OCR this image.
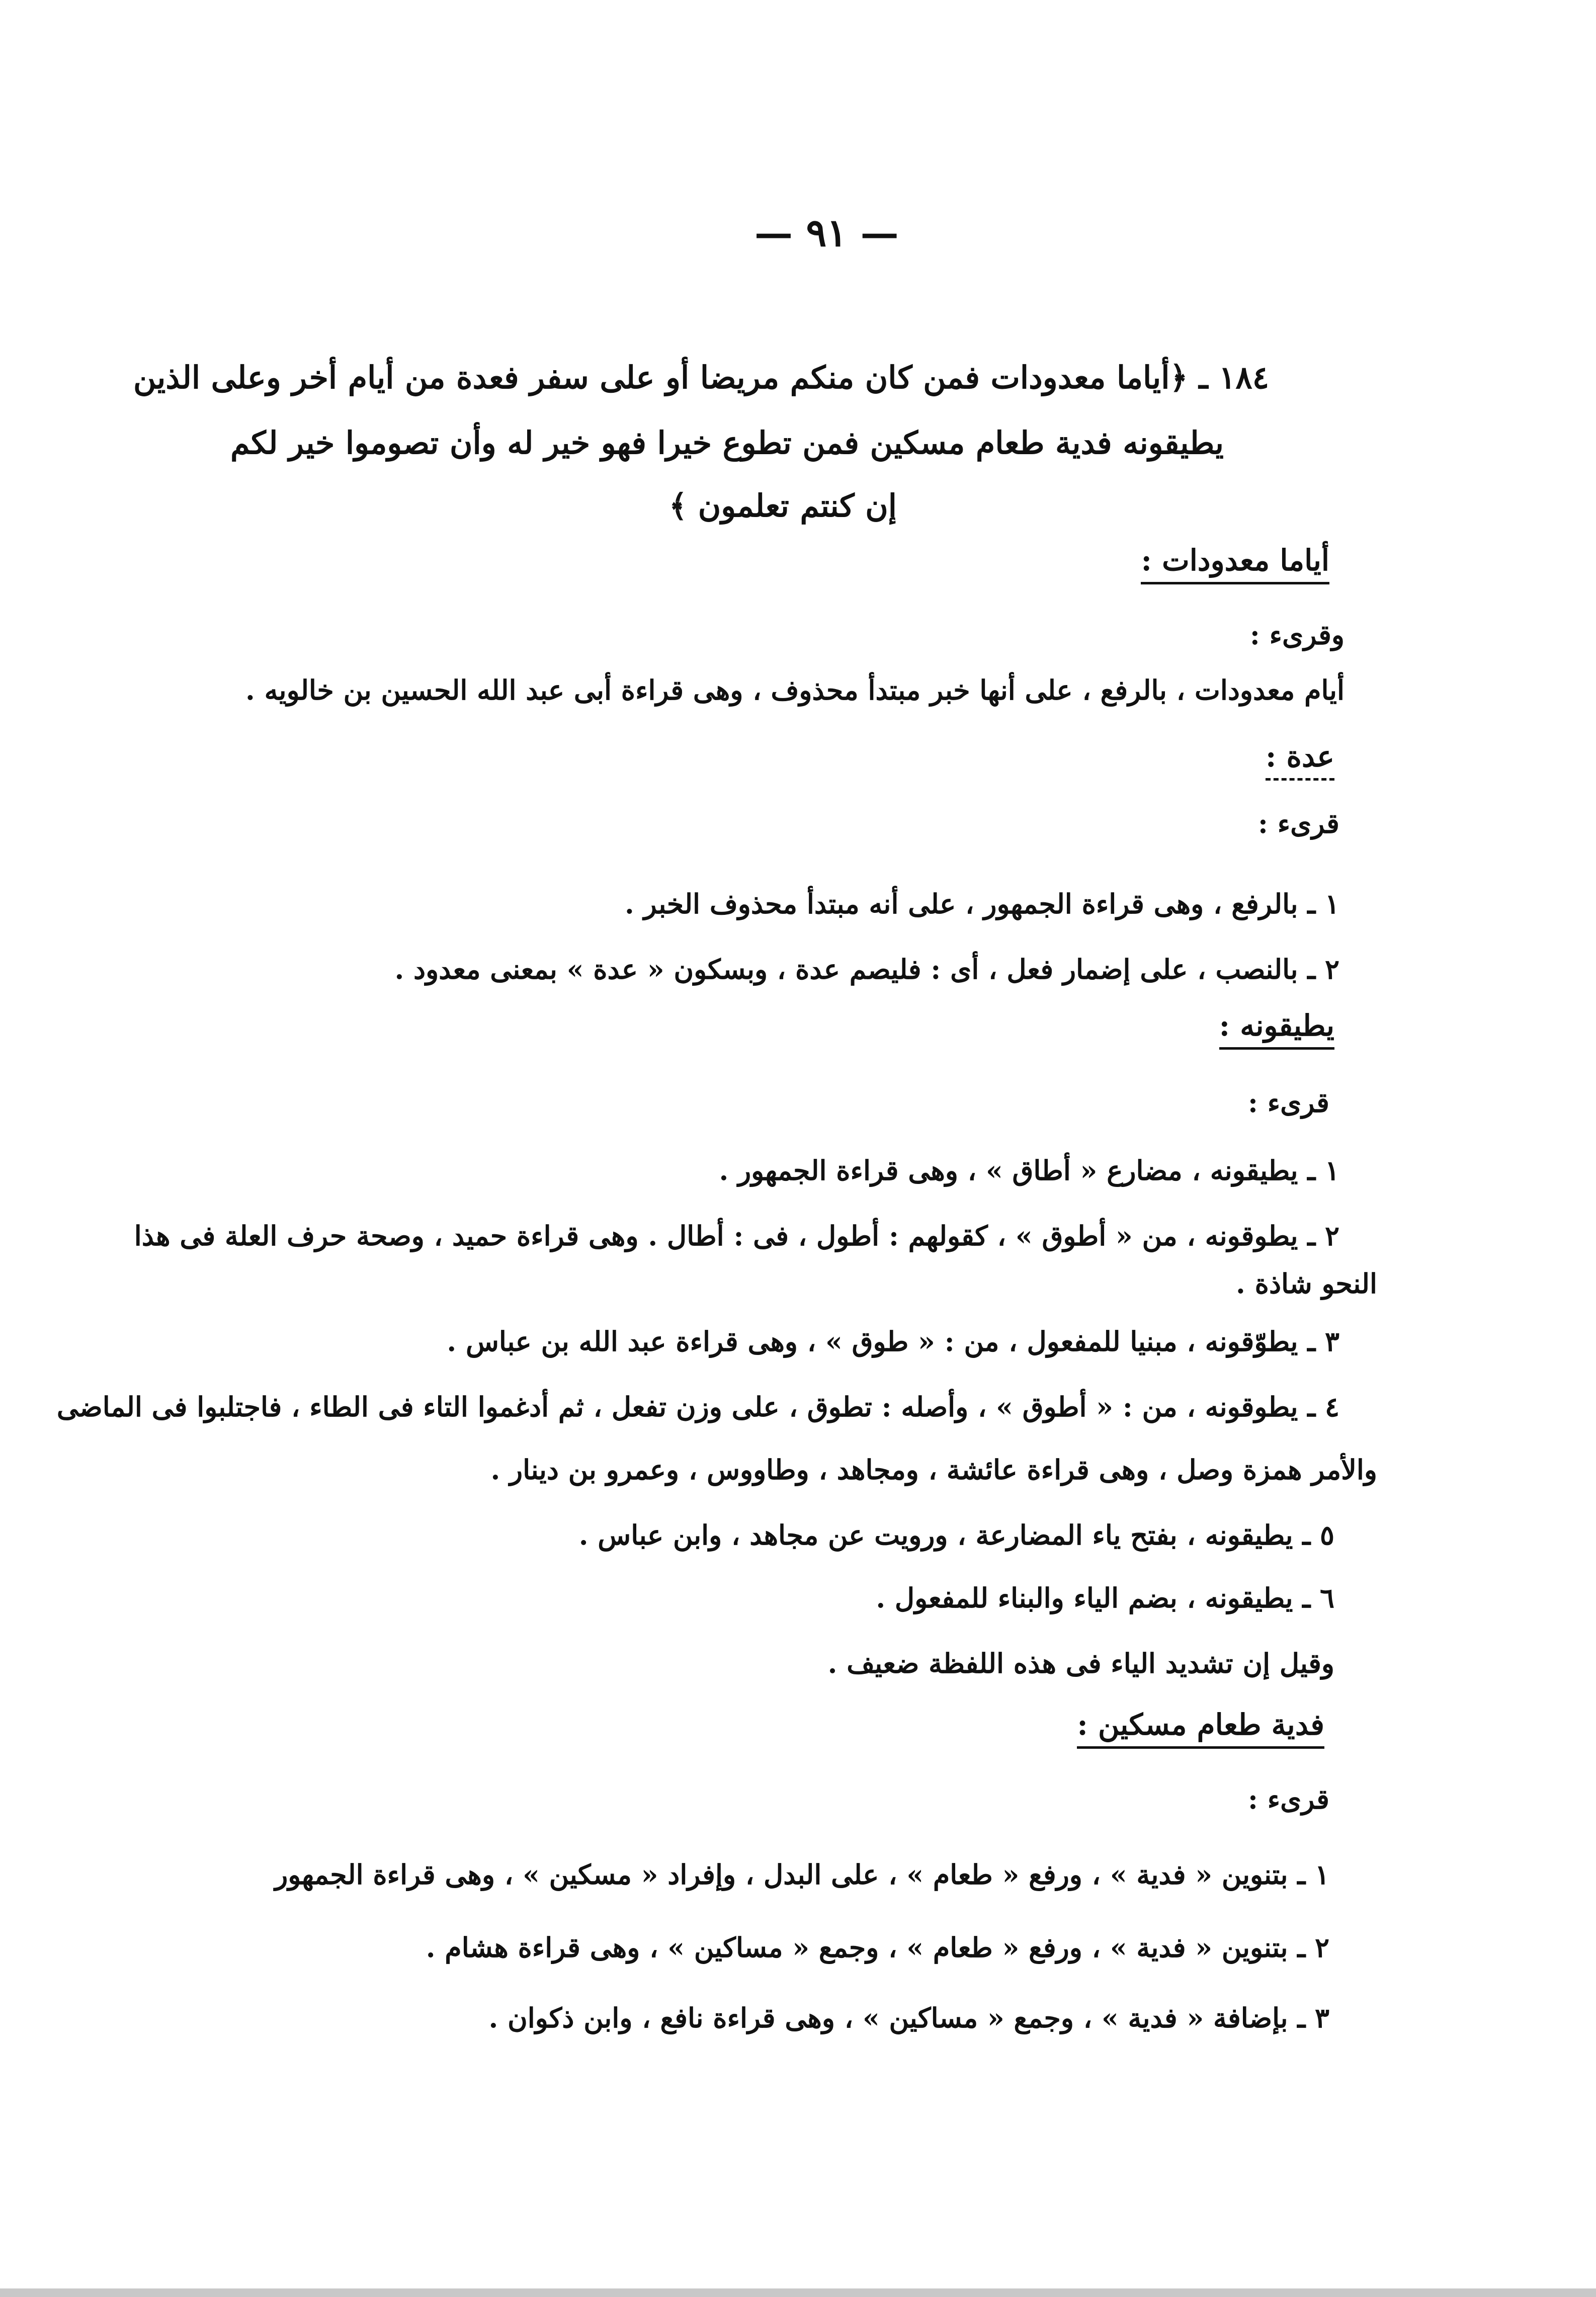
— ٩١ —
١٨٤ ـ ﴿أياما معدودات فمن كان منكم مريضا أو على سفر فعدة من أيام أخر وعلى الذين
يطيقونه فدية طعام مسكين فمن تطوع خيرا فهو خير له وأن تصوموا خير لكم
إن كنتم تعلمون ﴾
أياما معدودات :
وقرىء :
أيام معدودات ، بالرفع ، على أنها خبر مبتدأ محذوف ، وهى قراءة أبى عبد الله الحسين بن خالويه .
عدة :
قرىء :
١ ـ بالرفع ، وهى قراءة الجمهور ، على أنه مبتدأ محذوف الخبر .
٢ ـ بالنصب ، على إضمار فعل ، أى : فليصم عدة ، وبسكون « عدة » بمعنى معدود .
يطيقونه :
قرىء :
١ ـ يطيقونه ، مضارع « أطاق » ، وهى قراءة الجمهور .
٢ ـ يطوقونه ، من « أطوق » ، كقولهم : أطول ، فى : أطال . وهى قراءة حميد ، وصحة حرف العلة فى هذا
النحو شاذة .
٣ ـ يطوّقونه ، مبنيا للمفعول ، من : « طوق » ، وهى قراءة عبد الله بن عباس .
٤ ـ يطوقونه ، من : « أطوق » ، وأصله : تطوق ، على وزن تفعل ، ثم أدغموا التاء فى الطاء ، فاجتلبوا فى الماضى
والأمر همزة وصل ، وهى قراءة عائشة ، ومجاهد ، وطاووس ، وعمرو بن دينار .
٥ ـ يطيقونه ، بفتح ياء المضارعة ، ورويت عن مجاهد ، وابن عباس .
٦ ـ يطيقونه ، بضم الياء والبناء للمفعول .
وقيل إن تشديد الياء فى هذه اللفظة ضعيف .
فدية طعام مسكين :
قرىء :
١ ـ بتنوين « فدية » ، ورفع « طعام » ، على البدل ، وإفراد « مسكين » ، وهى قراءة الجمهور
٢ ـ بتنوين « فدية » ، ورفع « طعام » ، وجمع « مساكين » ، وهى قراءة هشام .
٣ ـ بإضافة « فدية » ، وجمع « مساكين » ، وهى قراءة نافع ، وابن ذكوان .
